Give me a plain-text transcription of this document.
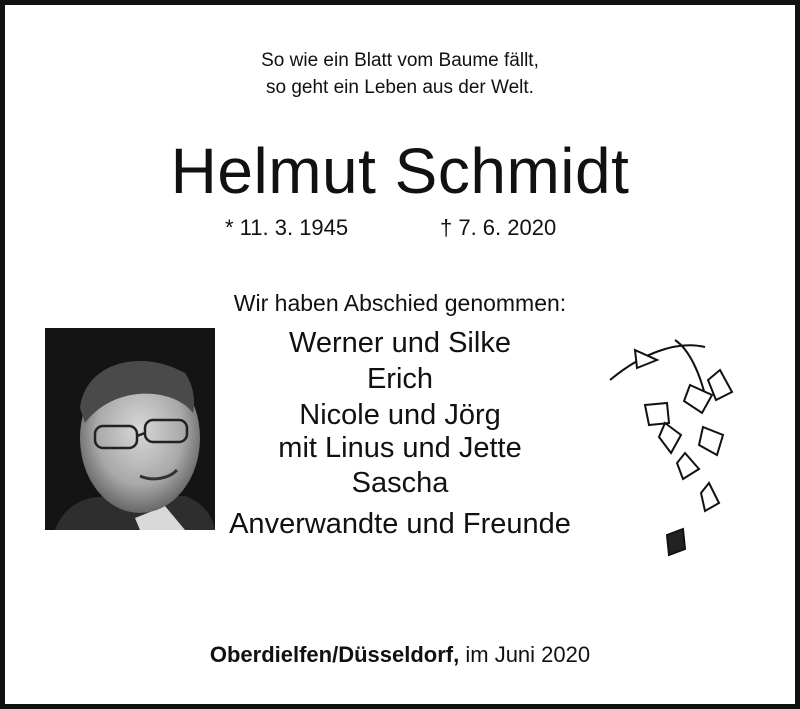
So wie ein Blatt vom Baume fällt,
so geht ein Leben aus der Welt.
Helmut Schmidt
* 11. 3. 1945	† 7. 6. 2020
Wir haben Abschied genommen:
Werner und Silke
Erich
Nicole und Jörg
mit Linus und Jette
Sascha
Anverwandte und Freunde
Oberdielfen/Düsseldorf, im Juni 2020
